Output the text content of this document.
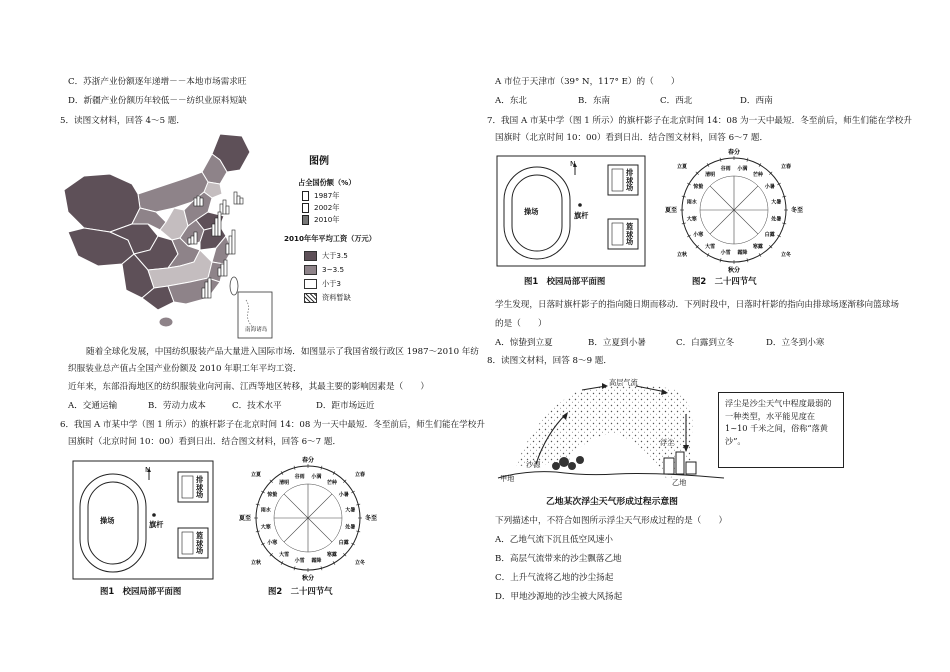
C．苏浙产业份额逐年递增－－本地市场需求旺
D．新疆产业份额历年较低－－纺织业原料短缺
5．读图文材料，回答 4～5 题．
南海诸岛
图例
占全国份额（%）
1987年
2002年
2010年
2010年年平均工资（万元）
大于3.5
3~3.5
小于3
资料暂缺
随着全球化发展，中国纺织服装产品大量进入国际市场．如图显示了我国省级行政区 1987～2010 年纺
织服装业总产值占全国产业份额及 2010 年职工年平均工资．
近年来，东部沿海地区的纺织服装业向河南、江西等地区转移，其最主要的影响因素是（　　）
A．交通运输	B．劳动力成本	C．技术水平	D．距市场远近
6．我国 A 市某中学（图 1 所示）的旗杆影子在北京时间 14：08 为一天中最短．冬至前后，师生们能在学校升
国旗时（北京时间 10：00）看到日出．结合图文材料，回答 6～7 题．
N
操场	旗杆
排球场
篮球场
图1　校园局部平面图
春分
秋分
夏至	冬至
立夏	立春
立秋	立冬
谷雨
清明
惊蛰
雨水
大寒
小寒
大雪
小雪 霜降
寒露
白露
处暑
大暑
小暑
芒种
小满
图2　二十四节气
A 市位于天津市（39° N，117° E）的（　　）
A．东北	B．东南	C．西北	D．西南
7．我国 A 市某中学（图 1 所示）的旗杆影子在北京时间 14：08 为一天中最短．冬至前后，师生们能在学校升
国旗时（北京时间 10：00）看到日出．结合图文材料，回答 6～7 题．
N
操场	旗杆
排球场
篮球场
图1　校园局部平面图
春分
秋分
夏至	冬至
立夏	立春
立秋	立冬
谷雨
清明
惊蛰
雨水
大寒
小寒
大雪
小雪 霜降
寒露
白露
处暑
大暑
小暑
芒种
小满
图2　二十四节气
学生发现，日落时旗杆影子的指向随日期而移动．下列时段中，日落时杆影的指向由排球场逐渐移向篮球场
的是（　　）
A．惊蛰到立夏	B．立夏到小暑	C．白露到立冬	D．立冬到小寒
8．读图文材料，回答 8～9 题．
高层气流
浮尘
沙源
甲地	乙地
浮尘是沙尘天气中程度最弱的一种类型，水平能见度在 1~10 千米之间，俗称“落黄沙”。
乙地某次浮尘天气形成过程示意图
下列描述中，不符合如图所示浮尘天气形成过程的是（　　）
A．乙地气流下沉且低空风速小
B．高层气流带来的沙尘飘落乙地
C．上升气流将乙地的沙尘扬起
D．甲地沙源地的沙尘被大风扬起
